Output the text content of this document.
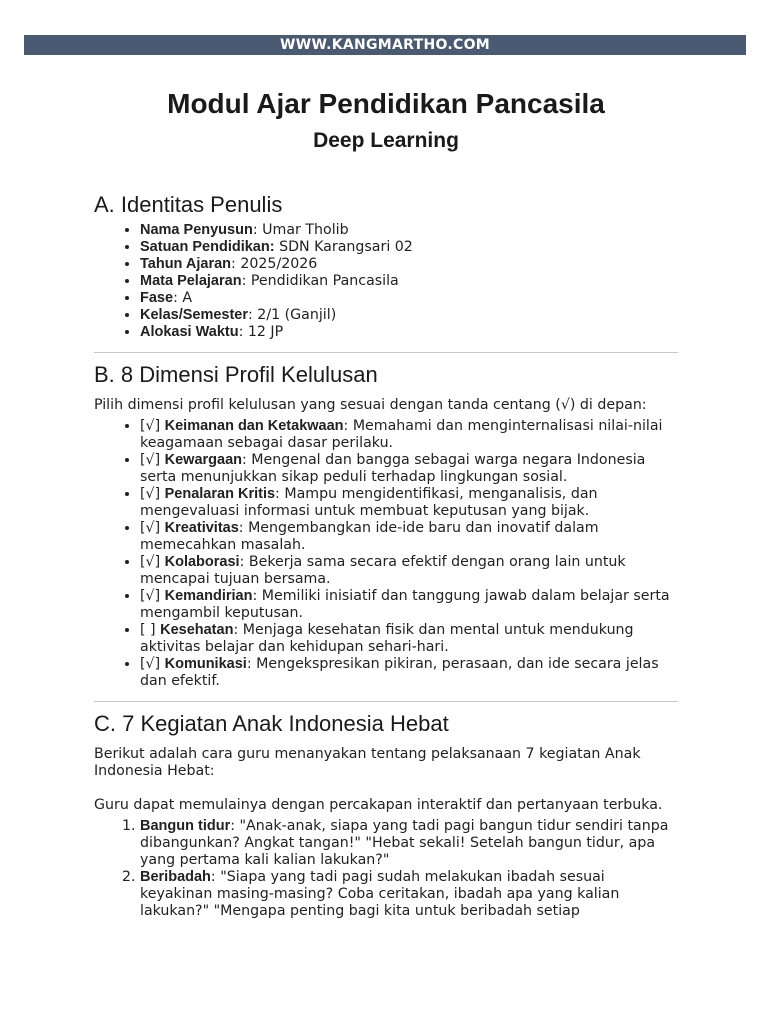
WWW.KANGMARTHO.COM
Modul Ajar Pendidikan Pancasila
Deep Learning
A. Identitas Penulis
• Nama Penyusun: Umar Tholib
• Satuan Pendidikan: SDN Karangsari 02
• Tahun Ajaran: 2025/2026
• Mata Pelajaran: Pendidikan Pancasila
• Fase: A
• Kelas/Semester: 2/1 (Ganjil)
• Alokasi Waktu: 12 JP
B. 8 Dimensi Profil Kelulusan

Pilih dimensi profil kelulusan yang sesuai dengan tanda centang (√) di depan:

• [√] Keimanan dan Ketakwaan: Memahami dan menginternalisasi nilai-nilai keagamaan sebagai dasar perilaku.
• [√] Kewargaan: Mengenal dan bangga sebagai warga negara Indonesia serta menunjukkan sikap peduli terhadap lingkungan sosial.
• [√] Penalaran Kritis: Mampu mengidentifikasi, menganalisis, dan mengevaluasi informasi untuk membuat keputusan yang bijak.
• [√] Kreativitas: Mengembangkan ide-ide baru dan inovatif dalam memecahkan masalah.
• [√] Kolaborasi: Bekerja sama secara efektif dengan orang lain untuk mencapai tujuan bersama.
• [√] Kemandirian: Memiliki inisiatif dan tanggung jawab dalam belajar serta mengambil keputusan.
• [ ] Kesehatan: Menjaga kesehatan fisik dan mental untuk mendukung aktivitas belajar dan kehidupan sehari-hari.
• [√] Komunikasi: Mengekspresikan pikiran, perasaan, dan ide secara jelas dan efektif.
C. 7 Kegiatan Anak Indonesia Hebat

Berikut adalah cara guru menanyakan tentang pelaksanaan 7 kegiatan Anak Indonesia Hebat:

Guru dapat memulainya dengan percakapan interaktif dan pertanyaan terbuka.

1. Bangun tidur: "Anak-anak, siapa yang tadi pagi bangun tidur sendiri tanpa dibangunkan? Angkat tangan!" "Hebat sekali! Setelah bangun tidur, apa yang pertama kali kalian lakukan?"
2. Beribadah: "Siapa yang tadi pagi sudah melakukan ibadah sesuai keyakinan masing-masing? Coba ceritakan, ibadah apa yang kalian lakukan?" "Mengapa penting bagi kita untuk beribadah setiap
